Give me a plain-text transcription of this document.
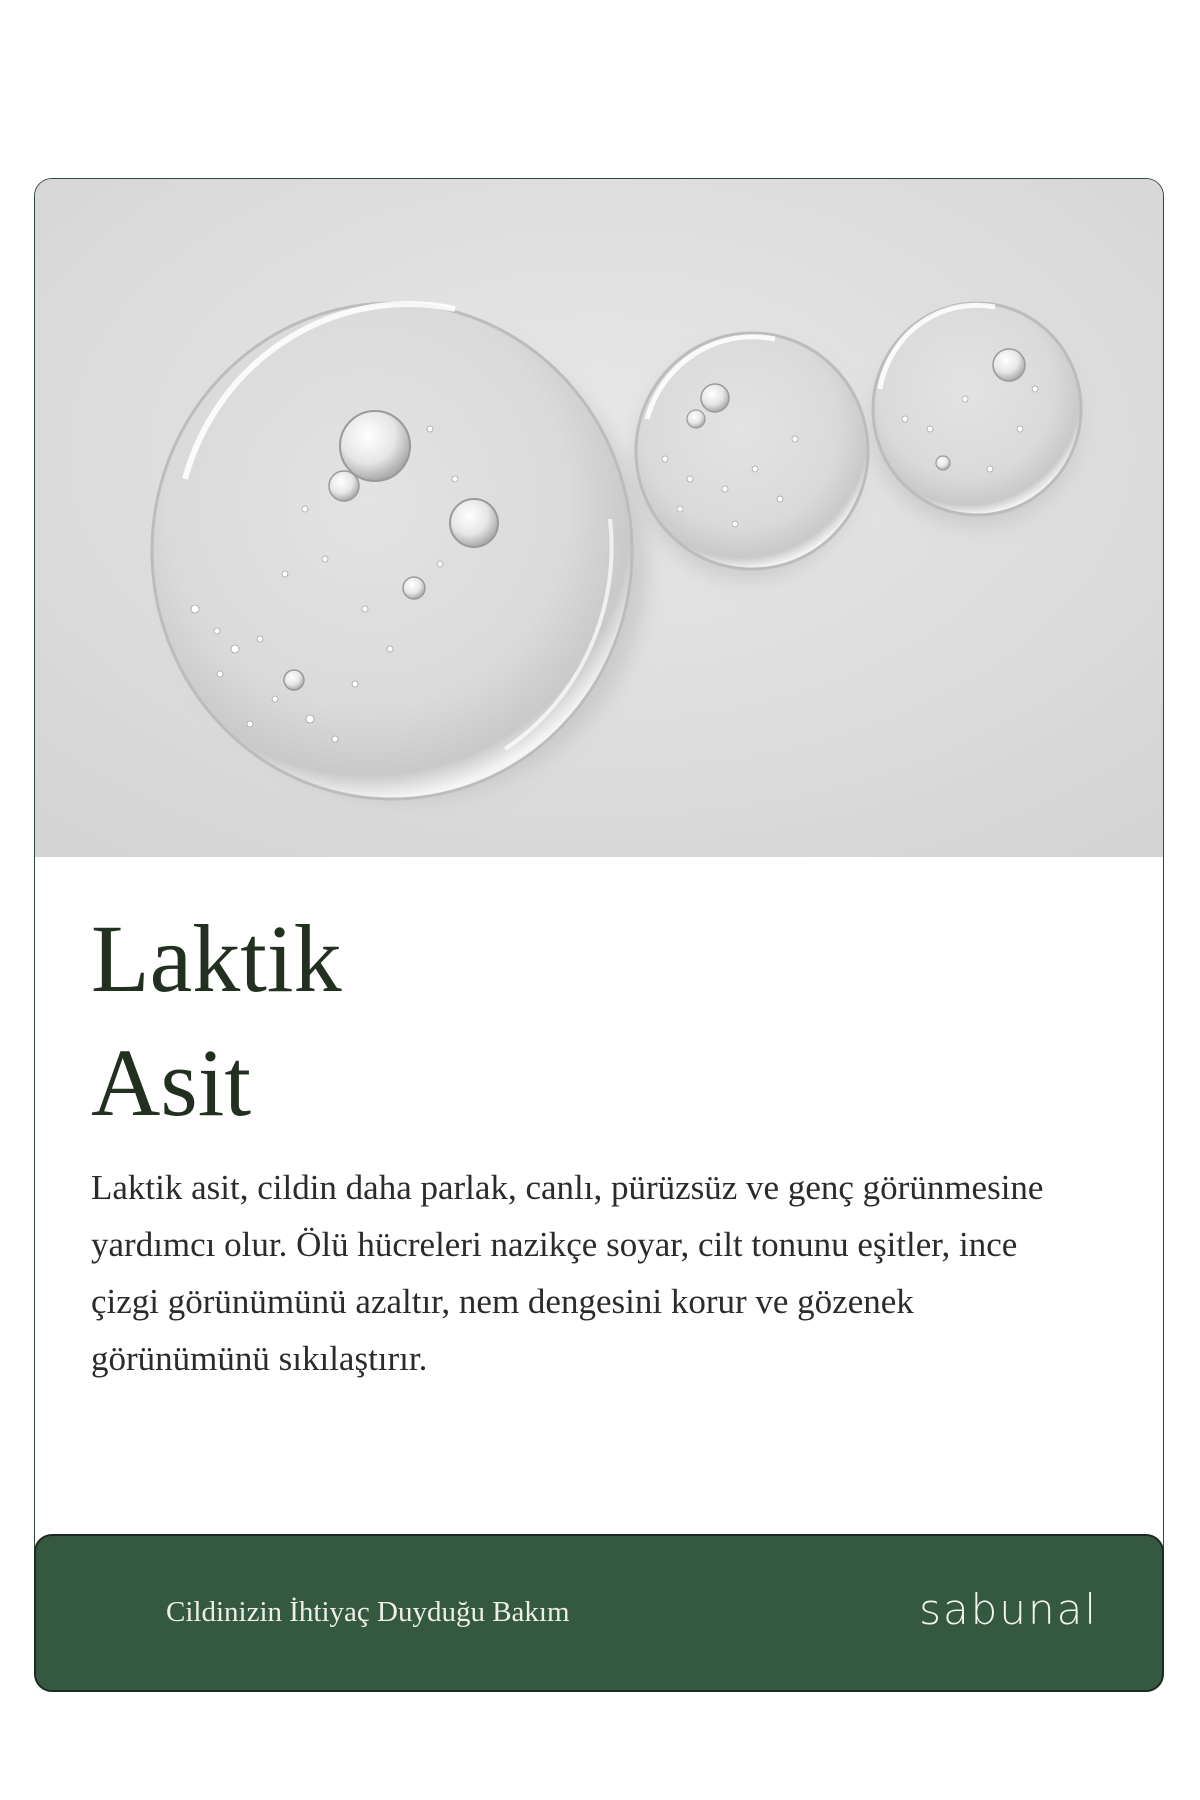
Laktik
Asit

Laktik asit, cildin daha parlak, canlı, pürüzsüz ve genç görünmesine yardımcı olur. Ölü hücreleri nazikçe soyar, cilt tonunu eşitler, ince çizgi görünümünü azaltır, nem dengesini korur ve gözenek görünümünü sıkılaştırır.

Cildinizin İhtiyaç Duyduğu Bakım	sabunal
